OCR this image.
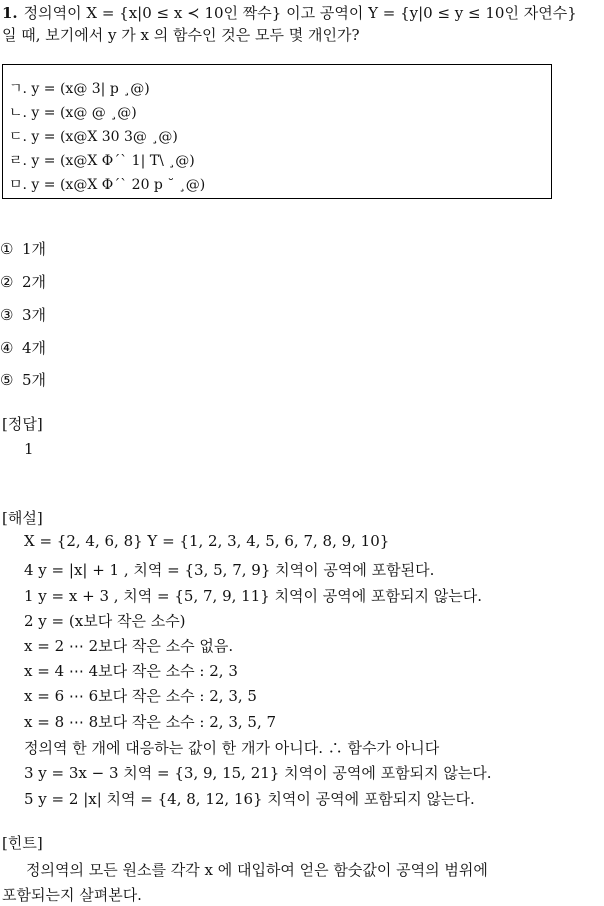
1. 정의역이 X = {x|0 ≤ x ≺ 10인 짝수} 이고 공역이 Y = {y|0 ≤ y ≤ 10인 자연수}
일 때, 보기에서 y 가 x 의 함수인 것은 모두 몇 개인가?
ㄱ. y = (x@ 3| p ¸@)
ㄴ. y = (x@ @ ¸@)
ㄷ. y = (x@X 30 3@ ¸@)
ㄹ. y = (x@X Φ´` 1| T\ ¸@)
ㅁ. y = (x@X Φ´` 20 p ˘ ¸@)
① 1개
② 2개
③ 3개
④ 4개
⑤ 5개
[정답]
1
[해설]
X = {2, 4, 6, 8} Y = {1, 2, 3, 4, 5, 6, 7, 8, 9, 10}
4 y = |x| + 1 , 치역 = {3, 5, 7, 9} 치역이 공역에 포함된다.
1 y = x + 3 , 치역 = {5, 7, 9, 11} 치역이 공역에 포함되지 않는다.
2 y = (x보다 작은 소수)
x = 2 ⋯ 2보다 작은 소수 없음.
x = 4 ⋯ 4보다 작은 소수 : 2, 3
x = 6 ⋯ 6보다 작은 소수 : 2, 3, 5
x = 8 ⋯ 8보다 작은 소수 : 2, 3, 5, 7
정의역 한 개에 대응하는 값이 한 개가 아니다. ∴ 함수가 아니다
3 y = 3x − 3 치역 = {3, 9, 15, 21} 치역이 공역에 포함되지 않는다.
5 y = 2 |x| 치역 = {4, 8, 12, 16} 치역이 공역에 포함되지 않는다.
[힌트]
정의역의 모든 원소를 각각 x 에 대입하여 얻은 함숫값이 공역의 범위에
포함되는지 살펴본다.
